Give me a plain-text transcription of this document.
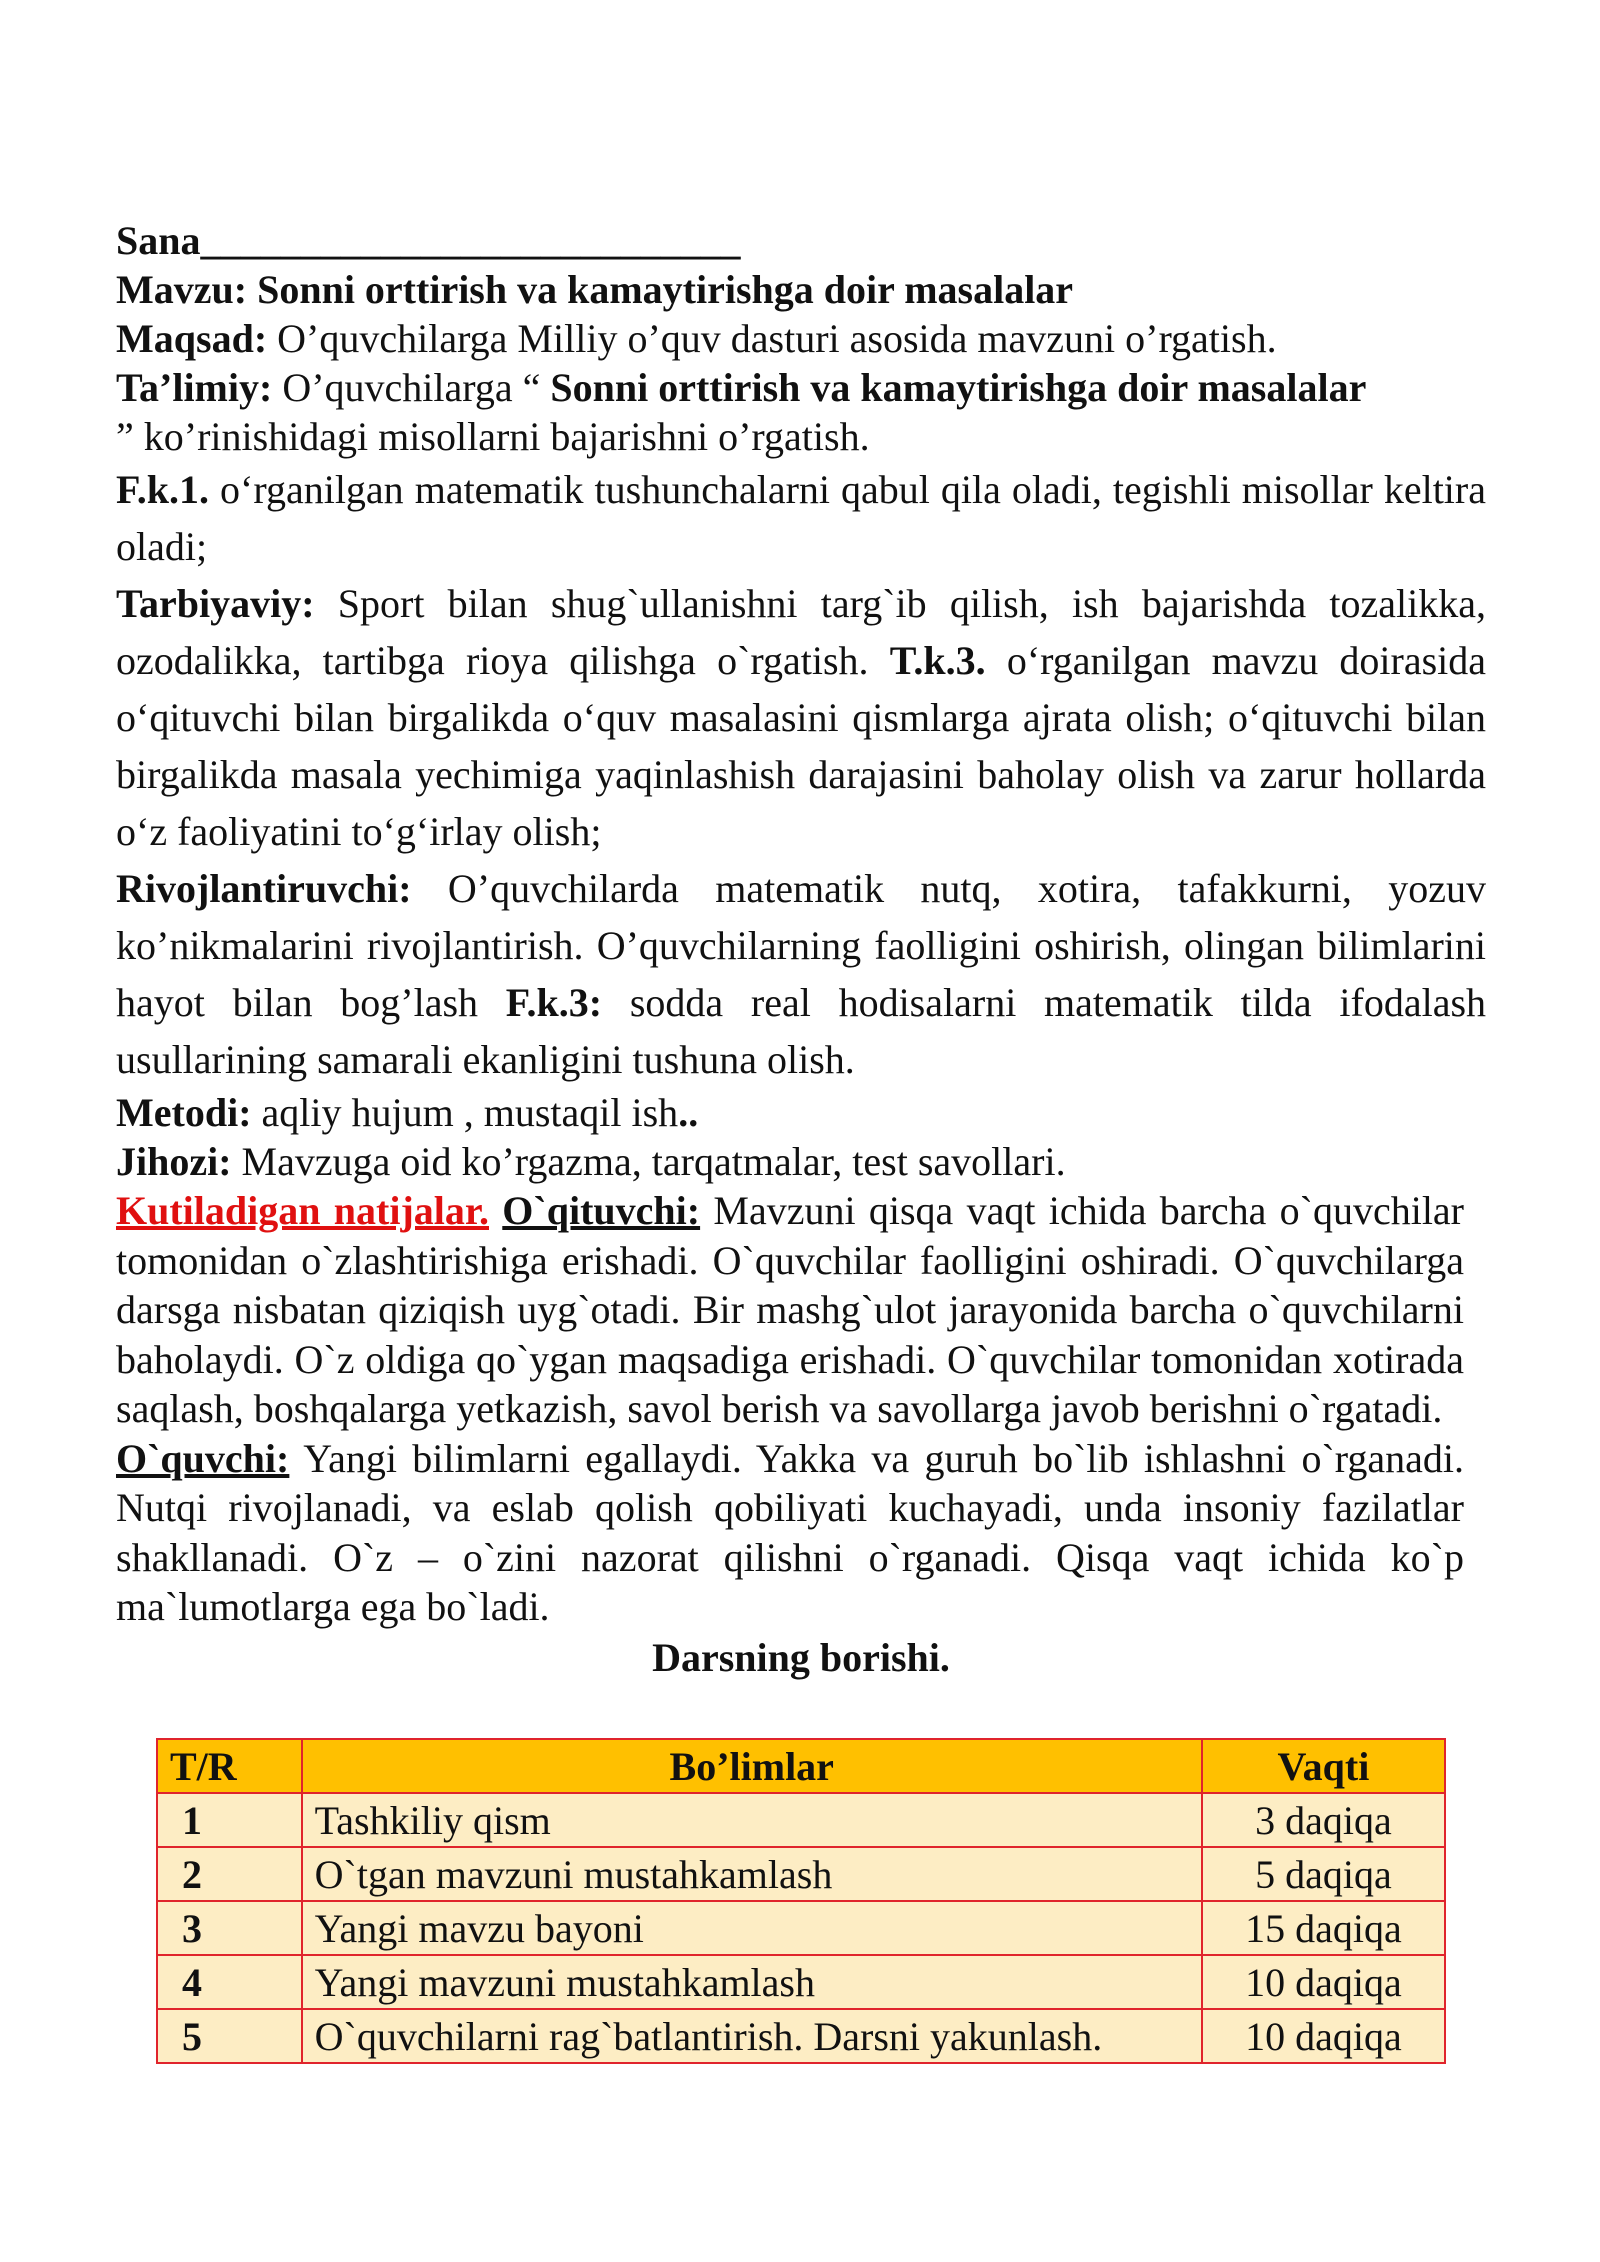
Sana___________________________

Mavzu: Sonni orttirish va kamaytirishga doir masalalar

Maqsad: O’quvchilarga Milliy o’quv dasturi asosida mavzuni o’rgatish.

Ta’limiy: O’quvchilarga “ Sonni orttirish va kamaytirishga doir masalalar
” ko’rinishidagi misollarni bajarishni o’rgatish.

F.k.1. o‘rganilgan matematik tushunchalarni qabul qila oladi, tegishli misollar keltira oladi;

Tarbiyaviy: Sport bilan shug`ullanishni targ`ib qilish, ish bajarishda tozalikka, ozodalikka, tartibga rioya qilishga o`rgatish. T.k.3. o‘rganilgan mavzu doirasida o‘qituvchi bilan birgalikda o‘quv masalasini qismlarga ajrata olish; o‘qituvchi bilan birgalikda masala yechimiga yaqinlashish darajasini baholay olish va zarur hollarda o‘z faoliyatini to‘g‘irlay olish;

Rivojlantiruvchi: O’quvchilarda matematik nutq, xotira, tafakkurni, yozuv ko’nikmalarini rivojlantirish. O’quvchilarning faolligini oshirish, olingan bilimlarini hayot bilan bog’lash F.k.3: sodda real hodisalarni matematik tilda ifodalash usullarining samarali ekanligini tushuna olish.

Metodi: aqliy hujum , mustaqil ish..

Jihozi: Mavzuga oid ko’rgazma, tarqatmalar, test savollari.

Kutiladigan natijalar. O`qituvchi: Mavzuni qisqa vaqt ichida barcha o`quvchilar tomonidan o`zlashtirishiga erishadi. O`quvchilar faolligini oshiradi. O`quvchilarga darsga nisbatan qiziqish uyg`otadi. Bir mashg`ulot jarayonida barcha o`quvchilarni baholaydi. O`z oldiga qo`ygan maqsadiga erishadi. O`quvchilar tomonidan xotirada saqlash, boshqalarga yetkazish, savol berish va savollarga javob berishni o`rgatadi.

O`quvchi: Yangi bilimlarni egallaydi. Yakka va guruh bo`lib ishlashni o`rganadi. Nutqi rivojlanadi, va eslab qolish qobiliyati kuchayadi, unda insoniy fazilatlar shakllanadi. O`z – o`zini nazorat qilishni o`rganadi. Qisqa vaqt ichida ko`p ma`lumotlarga ega bo`ladi.

Darsning borishi.

T/R	Bo’limlar	Vaqti
1	Tashkiliy qism	3 daqiqa
2	O`tgan mavzuni mustahkamlash	5 daqiqa
3	Yangi mavzu bayoni	15 daqiqa
4	Yangi mavzuni mustahkamlash	10 daqiqa
5	O`quvchilarni rag`batlantirish. Darsni yakunlash.	10 daqiqa
